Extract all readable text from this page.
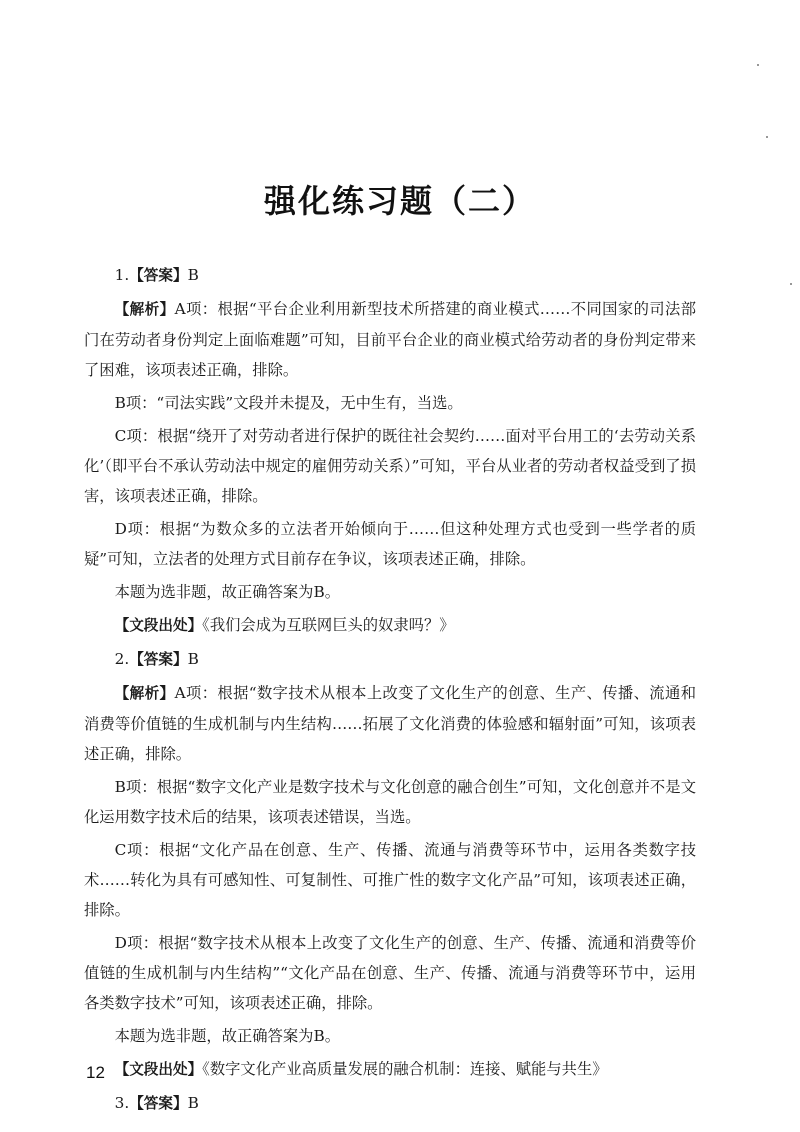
强化练习题（二）

1.【答案】B

【解析】A项：根据“平台企业利用新型技术所搭建的商业模式……不同国家的司法部门在劳动者身份判定上面临难题”可知，目前平台企业的商业模式给劳动者的身份判定带来了困难，该项表述正确，排除。

B项：“司法实践”文段并未提及，无中生有，当选。

C项：根据“绕开了对劳动者进行保护的既往社会契约……面对平台用工的‘去劳动关系化’（即平台不承认劳动法中规定的雇佣劳动关系）”可知，平台从业者的劳动者权益受到了损害，该项表述正确，排除。

D项：根据“为数众多的立法者开始倾向于……但这种处理方式也受到一些学者的质疑”可知，立法者的处理方式目前存在争议，该项表述正确，排除。

本题为选非题，故正确答案为B。

【文段出处】《我们会成为互联网巨头的奴隶吗？》

2.【答案】B

【解析】A项：根据“数字技术从根本上改变了文化生产的创意、生产、传播、流通和消费等价值链的生成机制与内生结构……拓展了文化消费的体验感和辐射面”可知，该项表述正确，排除。

B项：根据“数字文化产业是数字技术与文化创意的融合创生”可知，文化创意并不是文化运用数字技术后的结果，该项表述错误，当选。

C项：根据“文化产品在创意、生产、传播、流通与消费等环节中，运用各类数字技术……转化为具有可感知性、可复制性、可推广性的数字文化产品”可知，该项表述正确，排除。

D项：根据“数字技术从根本上改变了文化生产的创意、生产、传播、流通和消费等价值链的生成机制与内生结构”“文化产品在创意、生产、传播、流通与消费等环节中，运用各类数字技术”可知，该项表述正确，排除。

本题为选非题，故正确答案为B。

【文段出处】《数字文化产业高质量发展的融合机制：连接、赋能与共生》

3.【答案】B

12
